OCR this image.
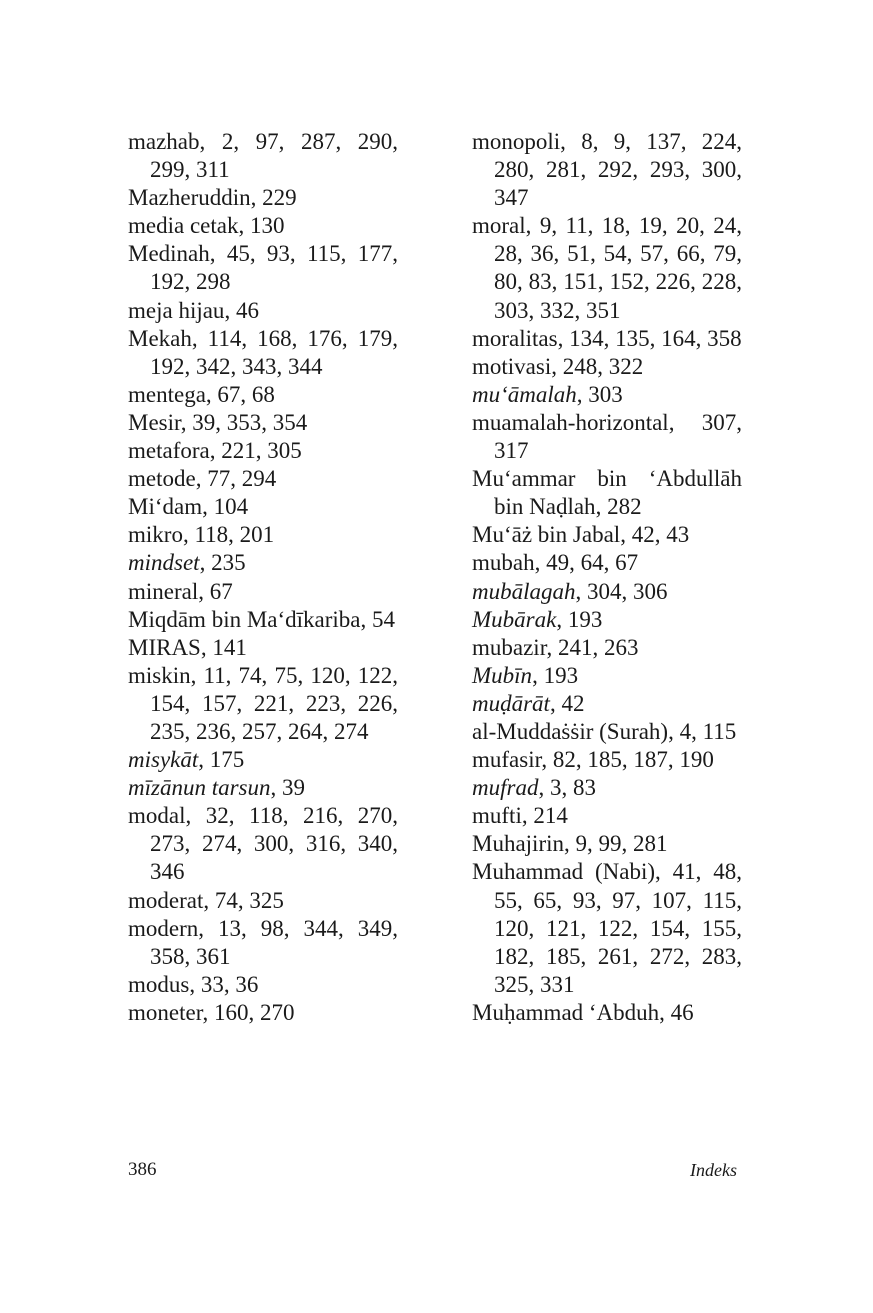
mazhab, 2, 97, 287, 290, 299, 311
Mazheruddin, 229
media cetak, 130
Medinah, 45, 93, 115, 177, 192, 298
meja hijau, 46
Mekah, 114, 168, 176, 179, 192, 342, 343, 344
mentega, 67, 68
Mesir, 39, 353, 354
metafora, 221, 305
metode, 77, 294
Mi‘dam, 104
mikro, 118, 201
mindset, 235
mineral, 67
Miqdām bin Ma‘dīkariba, 54
MIRAS, 141
miskin, 11, 74, 75, 120, 122, 154, 157, 221, 223, 226, 235, 236, 257, 264, 274
misykāt, 175
mīzānun tarsun, 39
modal, 32, 118, 216, 270, 273, 274, 300, 316, 340, 346
moderat, 74, 325
modern, 13, 98, 344, 349, 358, 361
modus, 33, 36
moneter, 160, 270
monopoli, 8, 9, 137, 224, 280, 281, 292, 293, 300, 347
moral, 9, 11, 18, 19, 20, 24, 28, 36, 51, 54, 57, 66, 79, 80, 83, 151, 152, 226, 228, 303, 332, 351
moralitas, 134, 135, 164, 358
motivasi, 248, 322
mu‘āmalah, 303
muamalah-horizontal, 307, 317
Mu‘ammar bin ‘Abdullāh bin Naḍlah, 282
Mu‘āż bin Jabal, 42, 43
mubah, 49, 64, 67
mubālagah, 304, 306
Mubārak, 193
mubazir, 241, 263
Mubīn, 193
muḍārāt, 42
al-Muddaṡṡir (Surah), 4, 115
mufasir, 82, 185, 187, 190
mufrad, 3, 83
mufti, 214
Muhajirin, 9, 99, 281
Muhammad (Nabi), 41, 48, 55, 65, 93, 97, 107, 115, 120, 121, 122, 154, 155, 182, 185, 261, 272, 283, 325, 331
Muḥammad ‘Abduh, 46
386	Indeks
